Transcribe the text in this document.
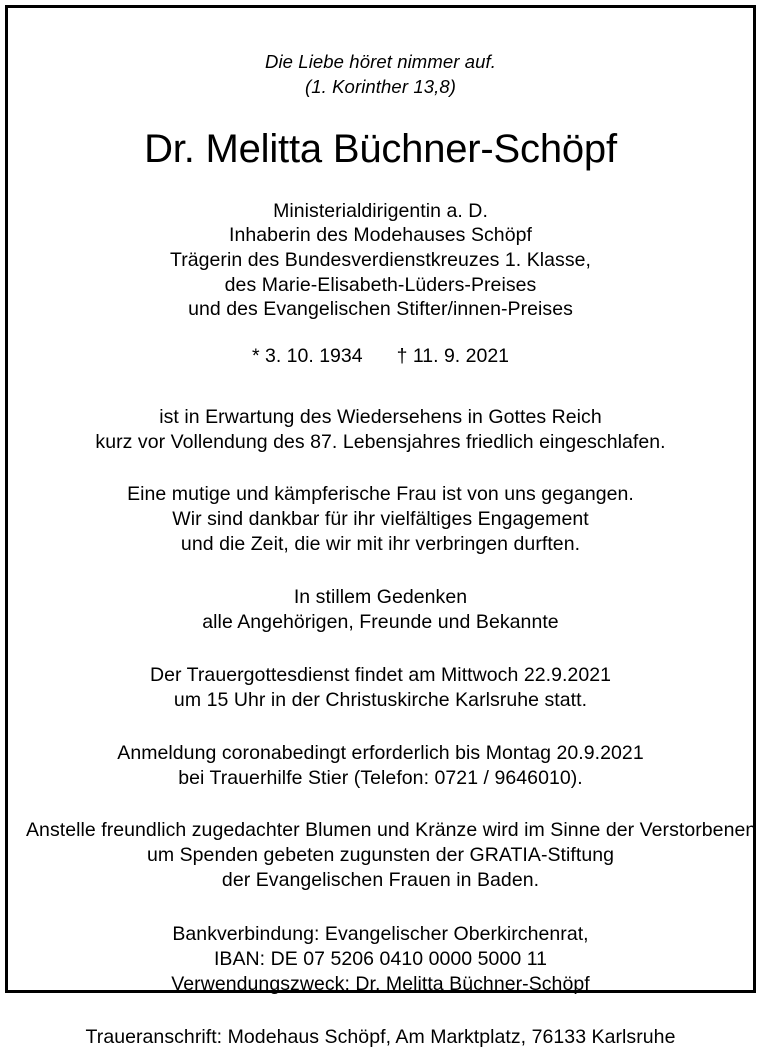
Die Liebe höret nimmer auf.
(1. Korinther 13,8)
Dr. Melitta Büchner-Schöpf
Ministerialdirigentin a. D.
Inhaberin des Modehauses Schöpf
Trägerin des Bundesverdienstkreuzes 1. Klasse,
des Marie-Elisabeth-Lüders-Preises
und des Evangelischen Stifter/innen-Preises
* 3. 10. 1934 † 11. 9. 2021
ist in Erwartung des Wiedersehens in Gottes Reich
kurz vor Vollendung des 87. Lebensjahres friedlich eingeschlafen.
Eine mutige und kämpferische Frau ist von uns gegangen.
Wir sind dankbar für ihr vielfältiges Engagement
und die Zeit, die wir mit ihr verbringen durften.
In stillem Gedenken
alle Angehörigen, Freunde und Bekannte
Der Trauergottesdienst findet am Mittwoch 22.9.2021
um 15 Uhr in der Christuskirche Karlsruhe statt.
Anmeldung coronabedingt erforderlich bis Montag 20.9.2021
bei Trauerhilfe Stier (Telefon: 0721 / 9646010).
Anstelle freundlich zugedachter Blumen und Kränze wird im Sinne der Verstorbenen
um Spenden gebeten zugunsten der GRATIA-Stiftung
der Evangelischen Frauen in Baden.
Bankverbindung: Evangelischer Oberkirchenrat,
IBAN: DE 07 5206 0410 0000 5000 11
Verwendungszweck: Dr. Melitta Büchner-Schöpf
Traueranschrift: Modehaus Schöpf, Am Marktplatz, 76133 Karlsruhe
